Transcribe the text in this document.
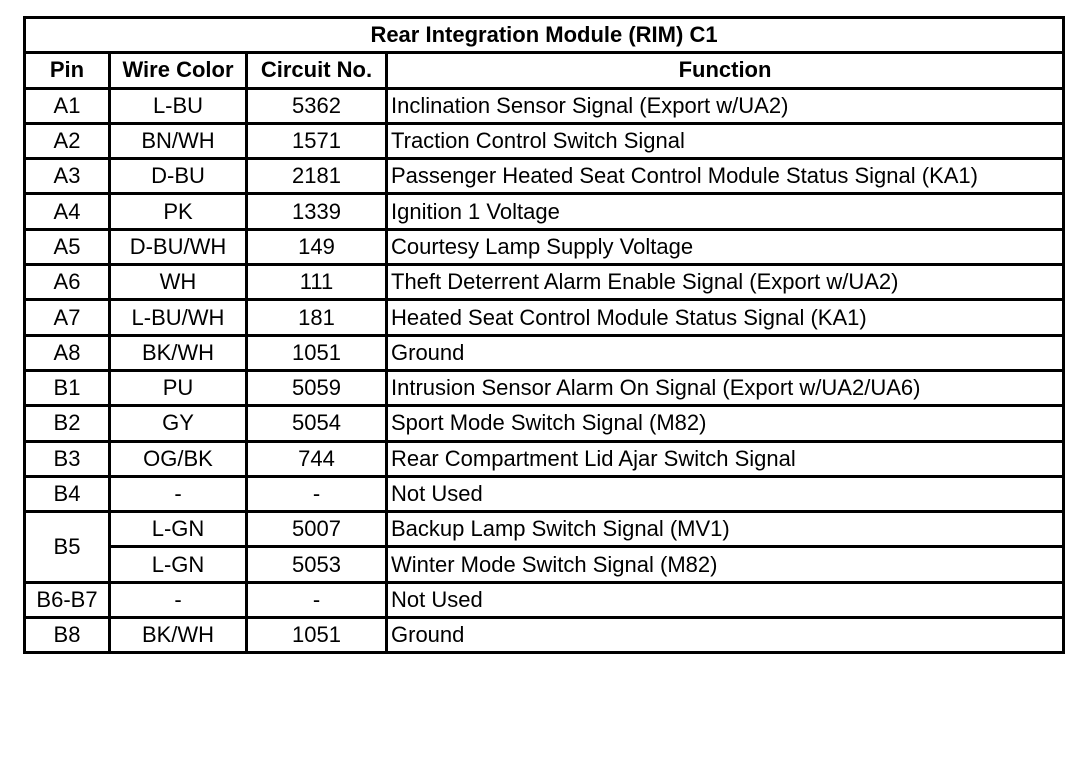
Rear Integration Module (RIM) C1			
Pin	Wire Color	Circuit No.	Function
A1	L-BU	5362	Inclination Sensor Signal (Export w/UA2)
A2	BN/WH	1571	Traction Control Switch Signal
A3	D-BU	2181	Passenger Heated Seat Control Module Status Signal (KA1)
A4	PK	1339	Ignition 1 Voltage
A5	D-BU/WH	149	Courtesy Lamp Supply Voltage
A6	WH	111	Theft Deterrent Alarm Enable Signal (Export w/UA2)
A7	L-BU/WH	181	Heated Seat Control Module Status Signal (KA1)
A8	BK/WH	1051	Ground
B1	PU	5059	Intrusion Sensor Alarm On Signal (Export w/UA2/UA6)
B2	GY	5054	Sport Mode Switch Signal (M82)
B3	OG/BK	744	Rear Compartment Lid Ajar Switch Signal
B4	-	-	Not Used
B5	L-GN	5007	Backup Lamp Switch Signal (MV1)
	L-GN	5053	Winter Mode Switch Signal (M82)
B6-B7	-	-	Not Used
B8	BK/WH	1051	Ground
